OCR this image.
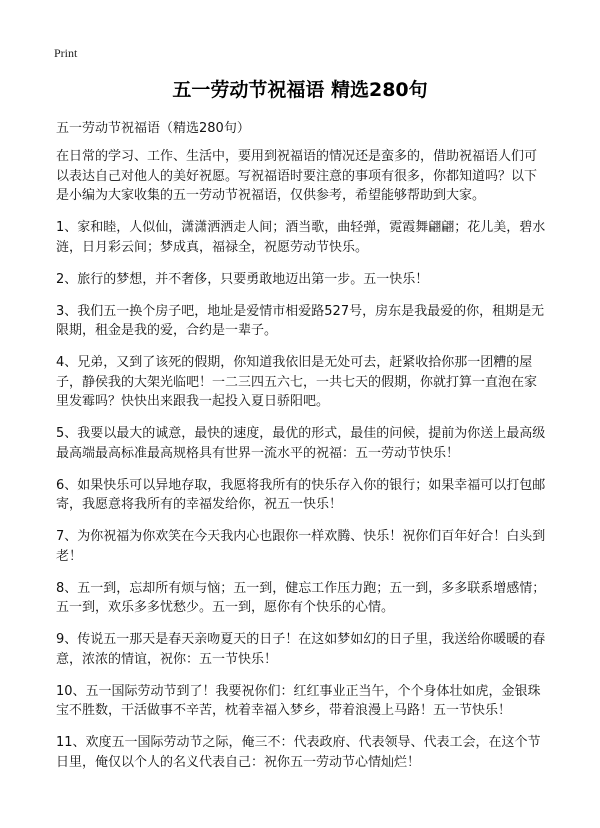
Print
五一劳动节祝福语 精选280句

五一劳动节祝福语（精选280句）

在日常的学习、工作、生活中，要用到祝福语的情况还是蛮多的，借助祝福语人们可以表达自己对他人的美好祝愿。写祝福语时要注意的事项有很多，你都知道吗？以下是小编为大家收集的五一劳动节祝福语，仅供参考，希望能够帮助到大家。

1、家和睦，人似仙，潇潇洒洒走人间；酒当歌，曲轻弹，霓霞舞翩翩；花儿美，碧水涟，日月彩云间；梦成真，福禄全，祝愿劳动节快乐。

2、旅行的梦想，并不奢侈，只要勇敢地迈出第一步。五一快乐！

3、我们五一换个房子吧，地址是爱情市相爱路527号，房东是我最爱的你，租期是无限期，租金是我的爱，合约是一辈子。

4、兄弟，又到了该死的假期，你知道我依旧是无处可去，赶紧收拾你那一团糟的屋子，静侯我的大架光临吧！一二三四五六七，一共七天的假期，你就打算一直泡在家里发霉吗？快快出来跟我一起投入夏日骄阳吧。

5、我要以最大的诚意，最快的速度，最优的形式，最佳的问候，提前为你送上最高级最高端最高标准最高规格具有世界一流水平的祝福：五一劳动节快乐！

6、如果快乐可以异地存取，我愿将我所有的快乐存入你的银行；如果幸福可以打包邮寄，我愿意将我所有的幸福发给你，祝五一快乐！

7、为你祝福为你欢笑在今天我内心也跟你一样欢腾、快乐！祝你们百年好合！白头到老！

8、五一到，忘却所有烦与恼；五一到，健忘工作压力跑；五一到，多多联系增感情；五一到，欢乐多多忧愁少。五一到，愿你有个快乐的心情。

9、传说五一那天是春天亲吻夏天的日子！在这如梦如幻的日子里，我送给你暖暖的春意，浓浓的情谊，祝你：五一节快乐！

10、五一国际劳动节到了！我要祝你们：红红事业正当午，个个身体壮如虎，金银珠宝不胜数，干活做事不辛苦，枕着幸福入梦乡，带着浪漫上马路！五一节快乐！

11、欢度五一国际劳动节之际，俺三不：代表政府、代表领导、代表工会，在这个节日里，俺仅以个人的名义代表自己：祝你五一劳动节心情灿烂！
